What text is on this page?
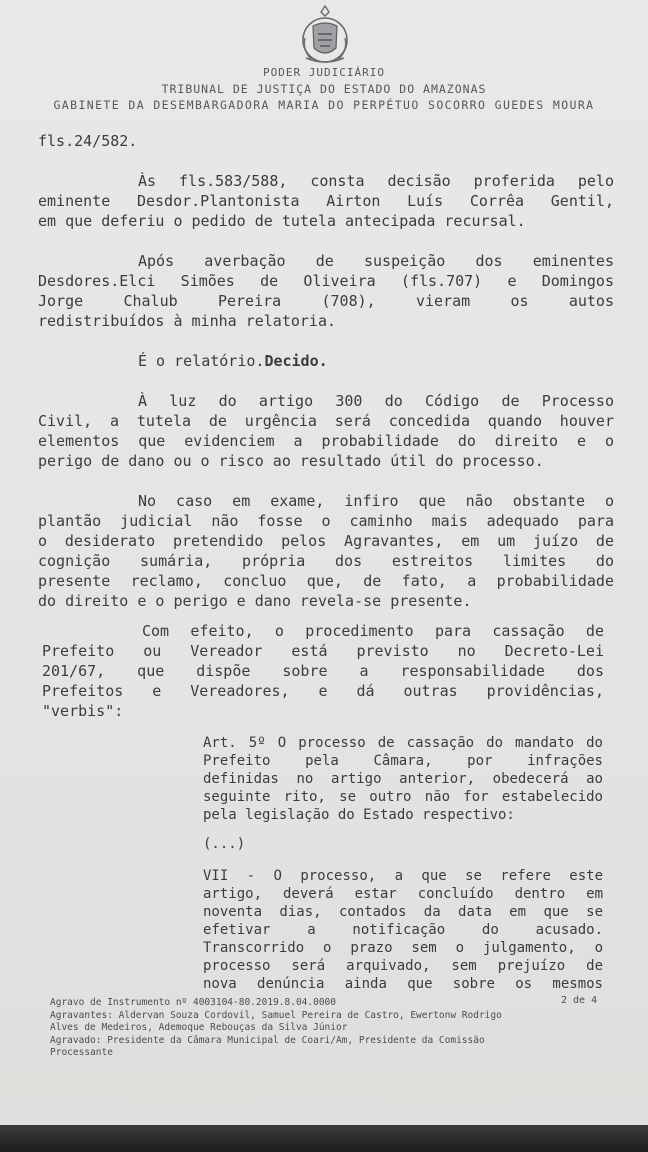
PODER JUDICIÁRIO
TRIBUNAL DE JUSTIÇA DO ESTADO DO AMAZONAS
GABINETE DA DESEMBARGADORA MARIA DO PERPÉTUO SOCORRO GUEDES MOURA
fls.24/582.
Às fls.583/588, consta decisão proferida pelo
eminente Desdor.Plantonista Airton Luís Corrêa Gentil,
em que deferiu o pedido de tutela antecipada recursal.
Após averbação de suspeição dos eminentes
Desdores.Elci Simões de Oliveira (fls.707) e Domingos
Jorge Chalub Pereira (708), vieram os autos
redistribuídos à minha relatoria.
É o relatório.Decido.
À luz do artigo 300 do Código de Processo
Civil, a tutela de urgência será concedida quando houver
elementos que evidenciem a probabilidade do direito e o
perigo de dano ou o risco ao resultado útil do processo.
No caso em exame, infiro que não obstante o
plantão judicial não fosse o caminho mais adequado para
o desiderato pretendido pelos Agravantes, em um juízo de
cognição sumária, própria dos estreitos limites do
presente reclamo, concluo que, de fato, a probabilidade
do direito e o perigo e dano revela-se presente.
Com efeito, o procedimento para cassação de
Prefeito ou Vereador está previsto no Decreto-Lei
201/67, que dispõe sobre a responsabilidade dos
Prefeitos e Vereadores, e dá outras providências,
"verbis":
Art. 5º O processo de cassação do mandato do
Prefeito pela Câmara, por infrações
definidas no artigo anterior, obedecerá ao
seguinte rito, se outro não for estabelecido
pela legislação do Estado respectivo:
(...)
VII - O processo, a que se refere este
artigo, deverá estar concluído dentro em
noventa dias, contados da data em que se
efetivar a notificação do acusado.
Transcorrido o prazo sem o julgamento, o
processo será arquivado, sem prejuízo de
nova denúncia ainda que sobre os mesmos
Agravo de Instrumento nº 4003104-80.2019.8.04.0000	2 de 4
Agravantes: Aldervan Souza Cordovil, Samuel Pereira de Castro, Ewertonw Rodrigo
Alves de Medeiros, Ademoque Rebouças da Silva Júnior
Agravado: Presidente da Câmara Municipal de Coari/Am, Presidente da Comissão
Processante
